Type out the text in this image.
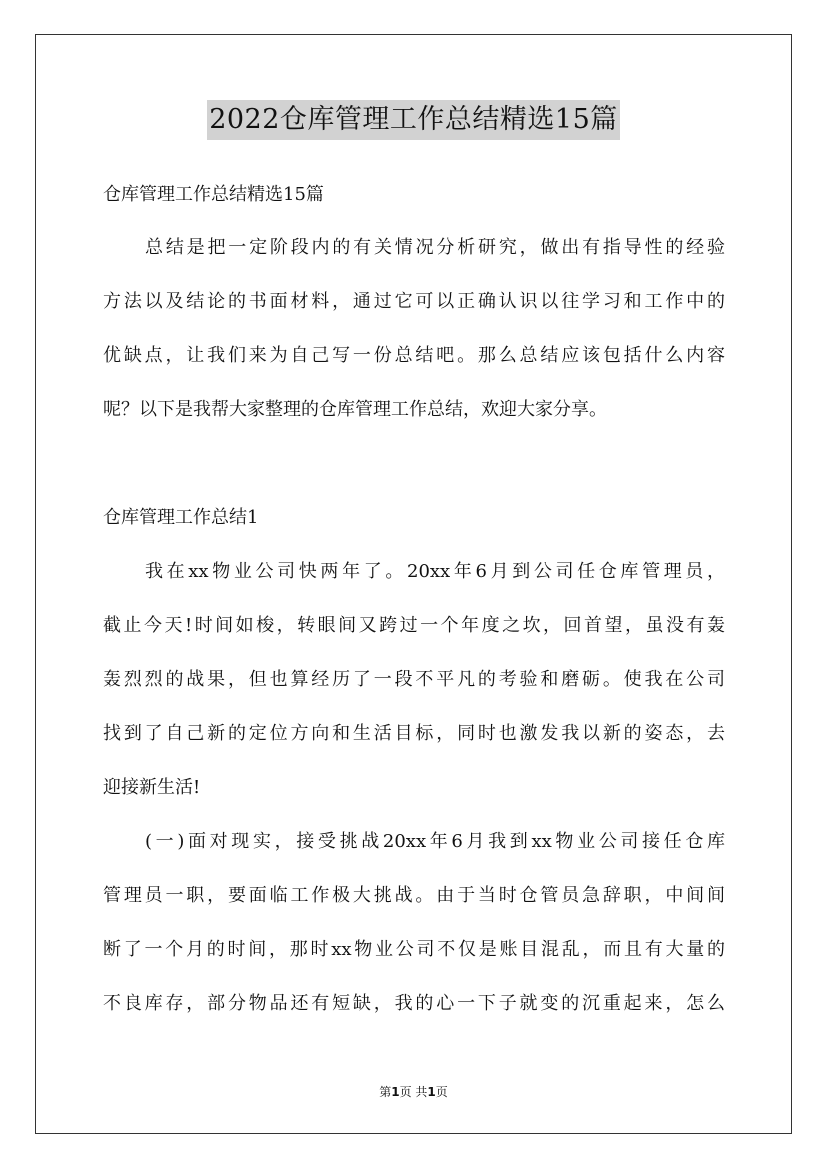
2022仓库管理工作总结精选15篇
仓库管理工作总结精选15篇
总结是把一定阶段内的有关情况分析研究，做出有指导性的经验
方法以及结论的书面材料，通过它可以正确认识以往学习和工作中的
优缺点，让我们来为自己写一份总结吧。那么总结应该包括什么内容
呢？以下是我帮大家整理的仓库管理工作总结，欢迎大家分享。
仓库管理工作总结1
我在xx物业公司快两年了。20xx年6月到公司任仓库管理员，
截止今天!时间如梭，转眼间又跨过一个年度之坎，回首望，虽没有轰
轰烈烈的战果，但也算经历了一段不平凡的考验和磨砺。使我在公司
找到了自己新的定位方向和生活目标，同时也激发我以新的姿态，去
迎接新生活!
(一)面对现实，接受挑战20xx年6月我到xx物业公司接任仓库
管理员一职，要面临工作极大挑战。由于当时仓管员急辞职，中间间
断了一个月的时间，那时xx物业公司不仅是账目混乱，而且有大量的
不良库存，部分物品还有短缺，我的心一下子就变的沉重起来，怎么
第1页 共1页
